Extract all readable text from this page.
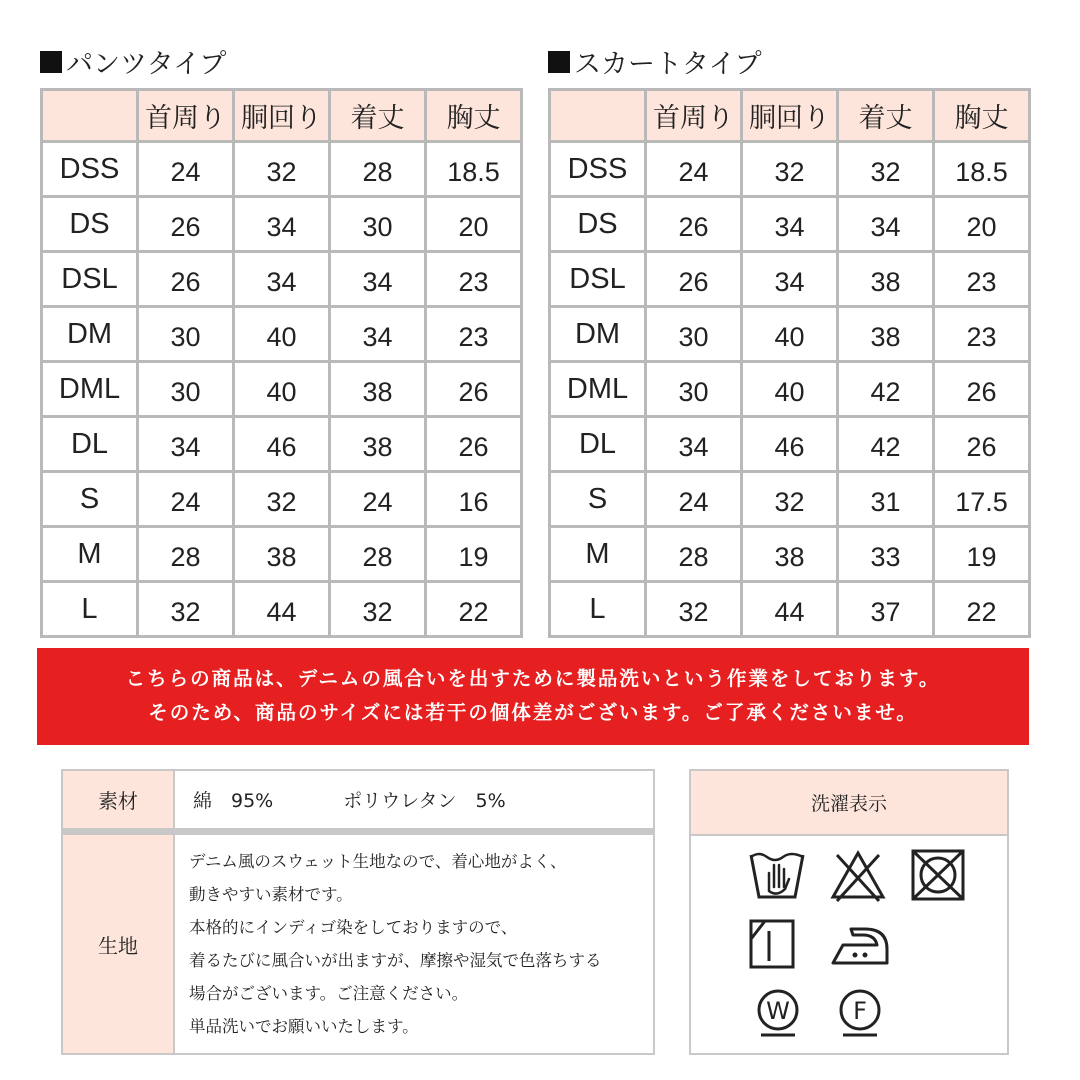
パンツタイプ
	首周り	胴回り	着丈	胸丈
DSS	24	32	28	18.5
DS	26	34	30	20
DSL	26	34	34	23
DM	30	40	34	23
DML	30	40	38	26
DL	34	46	38	26
S	24	32	24	16
M	28	38	28	19
L	32	44	32	22
スカートタイプ
	首周り	胴回り	着丈	胸丈
DSS	24	32	32	18.5
DS	26	34	34	20
DSL	26	34	38	23
DM	30	40	38	23
DML	30	40	42	26
DL	34	46	42	26
S	24	32	31	17.5
M	28	38	33	19
L	32	44	37	22
こちらの商品は、デニムの風合いを出すために製品洗いという作業をしております。
そのため、商品のサイズには若干の個体差がございます。ご了承くださいませ。
素材	綿　95%	ポリウレタン　5%
生地
デニム風のスウェット生地なので、着心地がよく、
動きやすい素材です。
本格的にインディゴ染をしておりますので、
着るたびに風合いが出ますが、摩擦や湿気で色落ちする
場合がございます。ご注意ください。
単品洗いでお願いいたします。
洗濯表示
W	F
